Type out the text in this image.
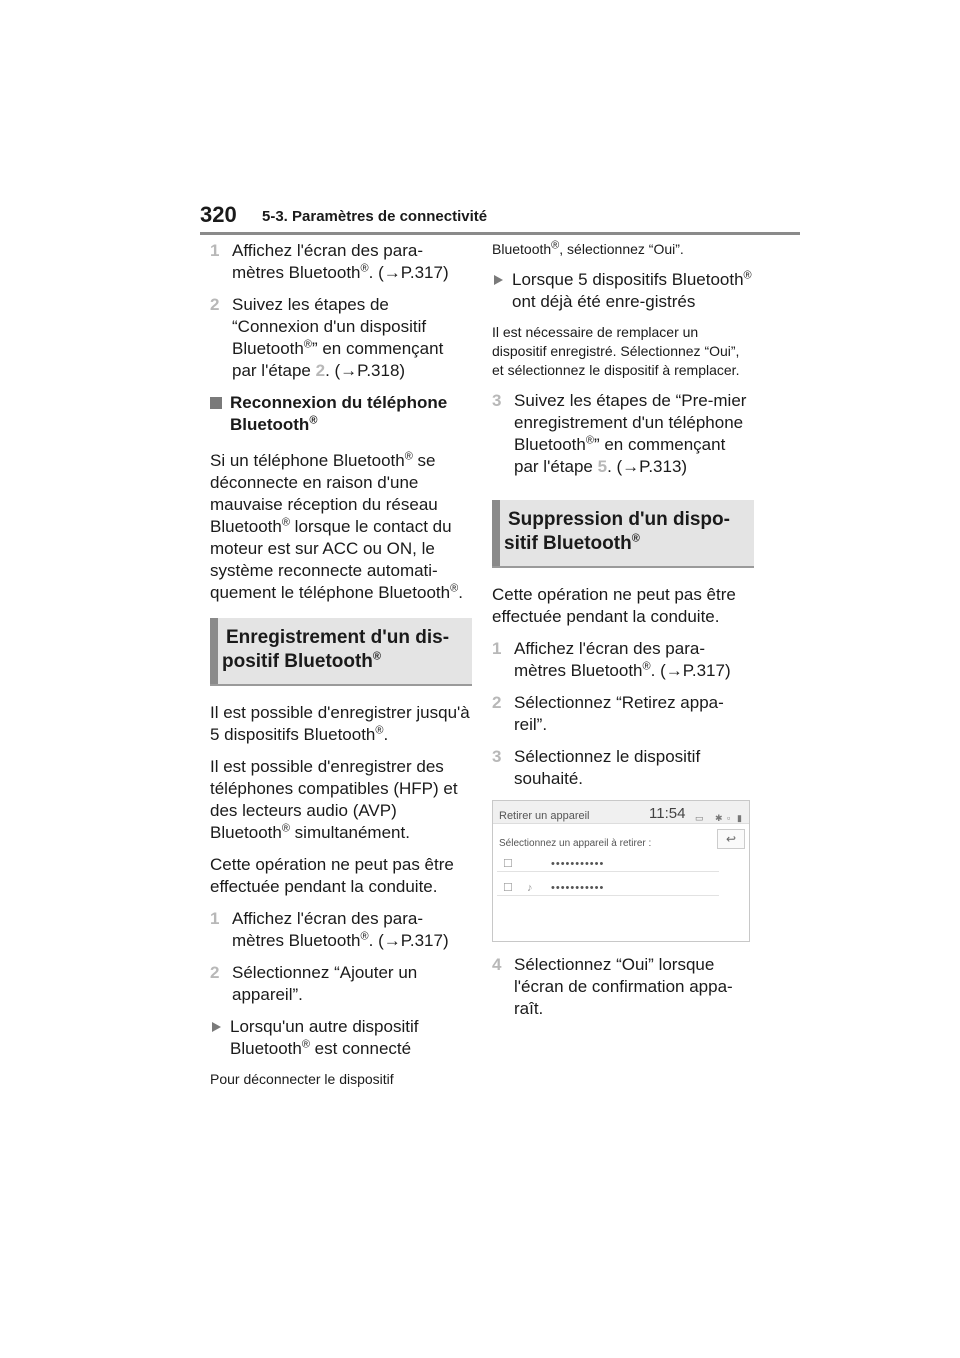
320 5-3. Paramètres de connectivité
1 Affichez l'écran des para-mètres Bluetooth®. (→P.317)
2 Suivez les étapes de “Connexion d'un dispositif Bluetooth®” en commençant par l'étape 2. (→P.318)
Reconnexion du téléphone Bluetooth®

Si un téléphone Bluetooth® se déconnecte en raison d'une mauvaise réception du réseau Bluetooth® lorsque le contact du moteur est sur ACC ou ON, le système reconnecte automati-quement le téléphone Bluetooth®.

Enregistrement d'un dis-positif Bluetooth®

Il est possible d'enregistrer jusqu'à 5 dispositifs Bluetooth®.

Il est possible d'enregistrer des téléphones compatibles (HFP) et des lecteurs audio (AVP) Bluetooth® simultanément.

Cette opération ne peut pas être effectuée pendant la conduite.

1 Affichez l'écran des para-mètres Bluetooth®. (→P.317)
2 Sélectionnez “Ajouter un appareil”.
Lorsqu'un autre dispositif Bluetooth® est connecté

Pour déconnecter le dispositif

Bluetooth®, sélectionnez “Oui”.

Lorsque 5 dispositifs Bluetooth® ont déjà été enre-gistrés

Il est nécessaire de remplacer un dispositif enregistré. Sélectionnez “Oui”, et sélectionnez le dispositif à remplacer.

3 Suivez les étapes de “Pre-mier enregistrement d'un téléphone Bluetooth®” en commençant par l'étape 5. (→P.313)
Suppression d'un dispo-sitif Bluetooth®

Cette opération ne peut pas être effectuée pendant la conduite.

1 Affichez l'écran des para-mètres Bluetooth®. (→P.317)
2 Sélectionnez “Retirez appa-reil”.
3 Sélectionnez le dispositif souhaité.
Retirer un appareil	11:54 ▭ ✱ ▫ ▮
Sélectionnez un appareil à retirer :	↩
☐	•••••••••••
☐ ♪ •••••••••••
4 Sélectionnez “Oui” lorsque l'écran de confirmation appa-raît.
